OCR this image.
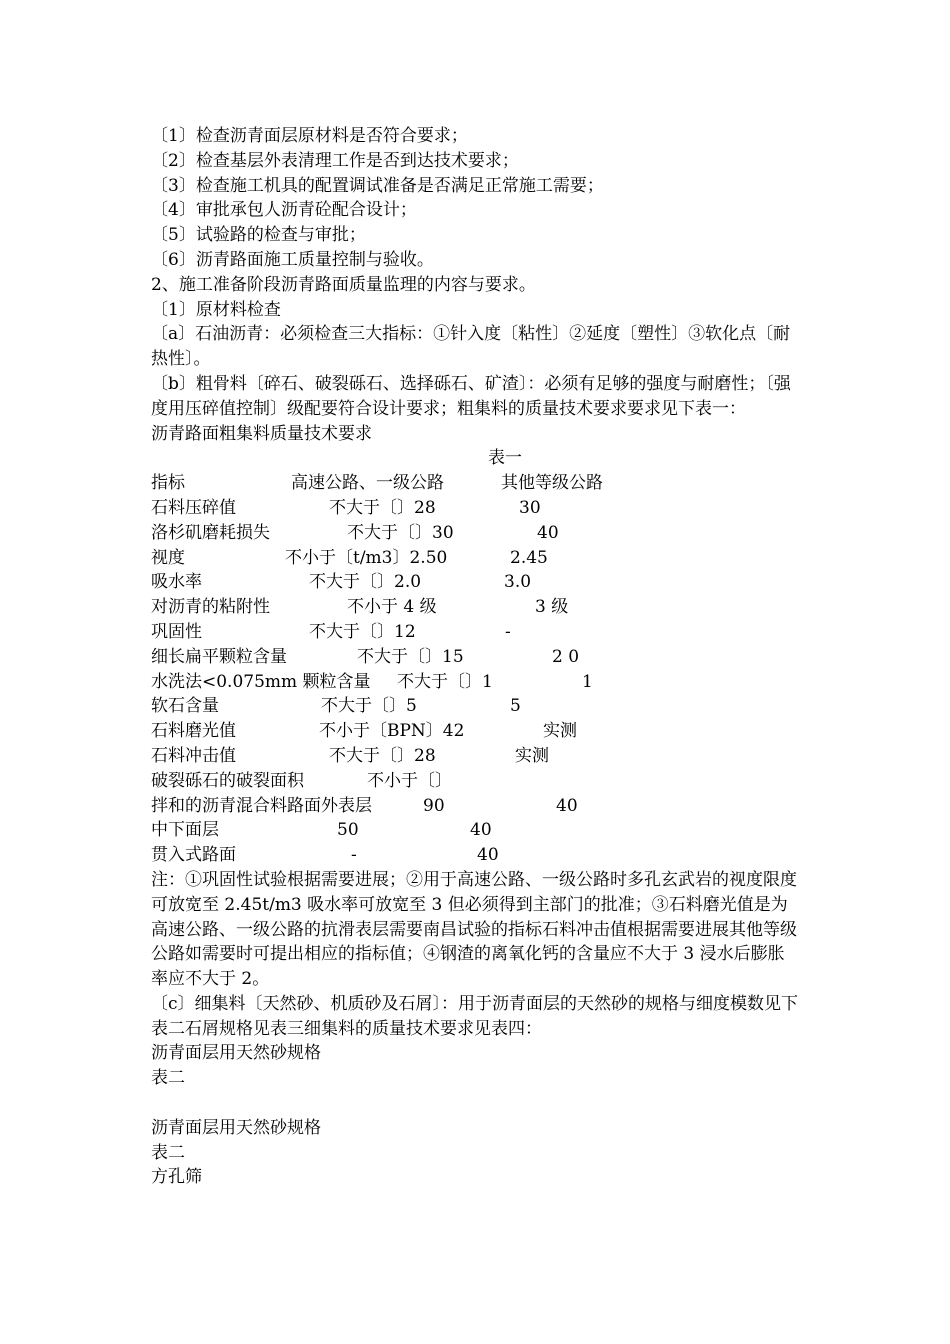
〔1〕检查沥青面层原材料是否符合要求；
〔2〕检查基层外表清理工作是否到达技术要求；
〔3〕检查施工机具的配置调试准备是否满足正常施工需要；
〔4〕审批承包人沥青砼配合设计；
〔5〕试验路的检查与审批；
〔6〕沥青路面施工质量控制与验收。
2、施工准备阶段沥青路面质量监理的内容与要求。
〔1〕原材料检查
〔a〕石油沥青：必须检查三大指标：①针入度〔粘性〕②延度〔塑性〕③软化点〔耐热性〕。
〔b〕粗骨料〔碎石、破裂砾石、选择砾石、矿渣〕：必须有足够的强度与耐磨性；〔强度用压碎值控制〕级配要符合设计要求；粗集料的质量技术要求要求见下表一：
沥青路面粗集料质量技术要求
表一
指标	高速公路、一级公路	其他等级公路
石料压碎值	不大于〔〕28	30
洛杉矶磨耗损失	不大于〔〕30	40
视度	不小于〔t/m3〕2.50	2.45
吸水率	不大于〔〕2.0	3.0
对沥青的粘附性	不小于 4 级	3 级
巩固性	不大于〔〕12	-
细长扁平颗粒含量	不大于〔〕15	2 0
水洗法<0.075mm 颗粒含量 不大于〔〕1	1
软石含量	不大于〔〕5	5
石料磨光值	不小于〔BPN〕42	实测
石料冲击值	不大于〔〕28	实测
破裂砾石的破裂面积	不小于〔〕
拌和的沥青混合料路面外表层	90	40
中下面层	50	40
贯入式路面	-	40
注：①巩固性试验根据需要进展；②用于高速公路、一级公路时多孔玄武岩的视度限度可放宽至 2.45t/m3 吸水率可放宽至 3 但必须得到主部门的批准；③石料磨光值是为高速公路、一级公路的抗滑表层需要南昌试验的指标石料冲击值根据需要进展其他等级公路如需要时可提出相应的指标值；④钢渣的离氧化钙的含量应不大于 3 浸水后膨胀率应不大于 2。
〔c〕细集料〔天然砂、机质砂及石屑〕：用于沥青面层的天然砂的规格与细度模数见下表二石屑规格见表三细集料的质量技术要求见表四：
沥青面层用天然砂规格
表二
沥青面层用天然砂规格
表二
方孔筛
